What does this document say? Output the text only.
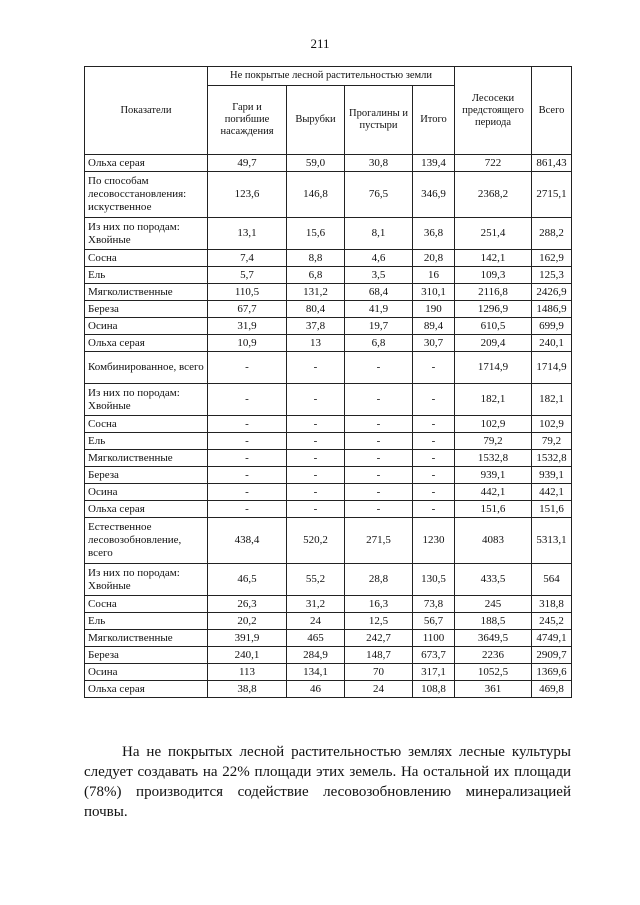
211
Показатели	Не покрытые лесной растительностью земли				Лесосеки предстоящего периода	Всего
	Гари и погибшие насаждения	Вырубки	Прогалины и пустыри	Итого		
Ольха серая	49,7	59,0	30,8	139,4	722	861,43
По способам лесовосстановления: искуственное	123,6	146,8	76,5	346,9	2368,2	2715,1
Из них по породам: Хвойные	13,1	15,6	8,1	36,8	251,4	288,2
Сосна	7,4	8,8	4,6	20,8	142,1	162,9
Ель	5,7	6,8	3,5	16	109,3	125,3
Мягколиственные	110,5	131,2	68,4	310,1	2116,8	2426,9
Береза	67,7	80,4	41,9	190	1296,9	1486,9
Осина	31,9	37,8	19,7	89,4	610,5	699,9
Ольха серая	10,9	13	6,8	30,7	209,4	240,1
Комбинированное, всего	-	-	-	-	1714,9	1714,9
Из них по породам: Хвойные	-	-	-	-	182,1	182,1
Сосна	-	-	-	-	102,9	102,9
Ель	-	-	-	-	79,2	79,2
Мягколиственные	-	-	-	-	1532,8	1532,8
Береза	-	-	-	-	939,1	939,1
Осина	-	-	-	-	442,1	442,1
Ольха серая	-	-	-	-	151,6	151,6
Естественное лесовозобновление, всего	438,4	520,2	271,5	1230	4083	5313,1
Из них по породам: Хвойные	46,5	55,2	28,8	130,5	433,5	564
Сосна	26,3	31,2	16,3	73,8	245	318,8
Ель	20,2	24	12,5	56,7	188,5	245,2
Мягколиственные	391,9	465	242,7	1100	3649,5	4749,1
Береза	240,1	284,9	148,7	673,7	2236	2909,7
Осина	113	134,1	70	317,1	1052,5	1369,6
Ольха серая	38,8	46	24	108,8	361	469,8

На не покрытых лесной растительностью землях лесные культуры следует создавать на 22% площади этих земель. На остальной их площади (78%) производится содействие лесовозобновлению минерализацией почвы.
